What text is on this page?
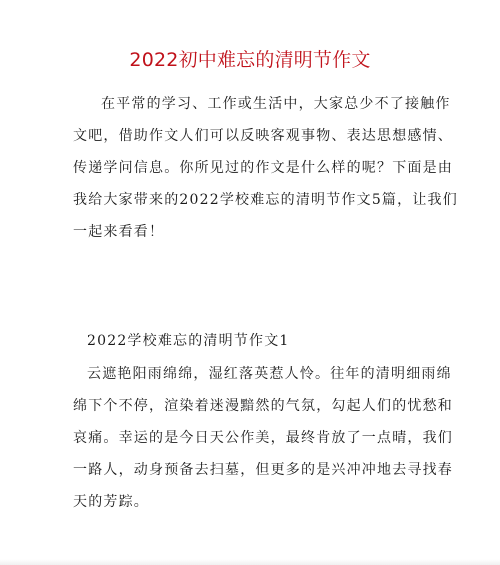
2022初中难忘的清明节作文
在平常的学习、工作或生活中，大家总少不了接触作
文吧，借助作文人们可以反映客观事物、表达思想感情、
传递学问信息。你所见过的作文是什么样的呢？下面是由
我给大家带来的2022学校难忘的清明节作文5篇，让我们
一起来看看！
2022学校难忘的清明节作文1
云遮艳阳雨绵绵，湿红落英惹人怜。往年的清明细雨绵
绵下个不停，渲染着迷漫黯然的气氛，勾起人们的忧愁和
哀痛。幸运的是今日天公作美，最终肯放了一点晴，我们
一路人，动身预备去扫墓，但更多的是兴冲冲地去寻找春
天的芳踪。
